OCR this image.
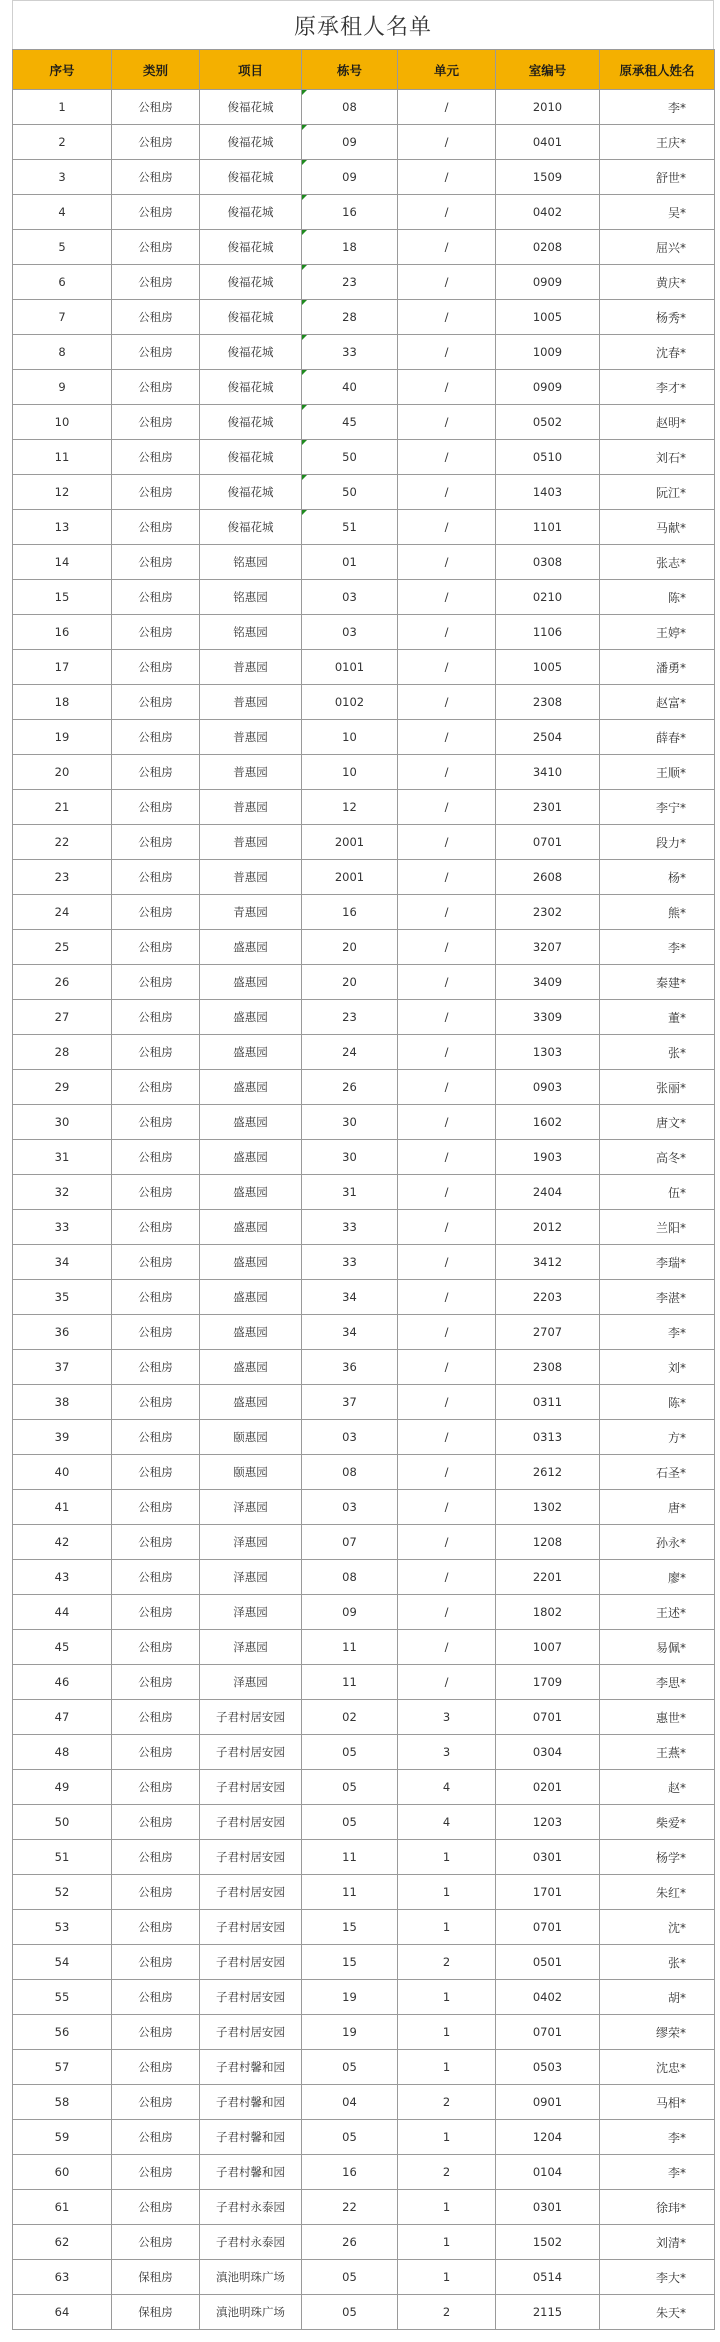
原承租人名单
序号	类别	项目	栋号	单元	室编号	原承租人姓名
1	公租房	俊福花城	08	/	2010	李*
2	公租房	俊福花城	09	/	0401	王庆*
3	公租房	俊福花城	09	/	1509	舒世*
4	公租房	俊福花城	16	/	0402	吴*
5	公租房	俊福花城	18	/	0208	屈兴*
6	公租房	俊福花城	23	/	0909	黄庆*
7	公租房	俊福花城	28	/	1005	杨秀*
8	公租房	俊福花城	33	/	1009	沈春*
9	公租房	俊福花城	40	/	0909	李才*
10	公租房	俊福花城	45	/	0502	赵明*
11	公租房	俊福花城	50	/	0510	刘石*
12	公租房	俊福花城	50	/	1403	阮江*
13	公租房	俊福花城	51	/	1101	马献*
14	公租房	铭惠园	01	/	0308	张志*
15	公租房	铭惠园	03	/	0210	陈*
16	公租房	铭惠园	03	/	1106	王婷*
17	公租房	普惠园	0101	/	1005	潘勇*
18	公租房	普惠园	0102	/	2308	赵富*
19	公租房	普惠园	10	/	2504	薛春*
20	公租房	普惠园	10	/	3410	王顺*
21	公租房	普惠园	12	/	2301	李宁*
22	公租房	普惠园	2001	/	0701	段力*
23	公租房	普惠园	2001	/	2608	杨*
24	公租房	青惠园	16	/	2302	熊*
25	公租房	盛惠园	20	/	3207	李*
26	公租房	盛惠园	20	/	3409	秦建*
27	公租房	盛惠园	23	/	3309	董*
28	公租房	盛惠园	24	/	1303	张*
29	公租房	盛惠园	26	/	0903	张丽*
30	公租房	盛惠园	30	/	1602	唐文*
31	公租房	盛惠园	30	/	1903	高冬*
32	公租房	盛惠园	31	/	2404	伍*
33	公租房	盛惠园	33	/	2012	兰阳*
34	公租房	盛惠园	33	/	3412	李瑞*
35	公租房	盛惠园	34	/	2203	李湛*
36	公租房	盛惠园	34	/	2707	李*
37	公租房	盛惠园	36	/	2308	刘*
38	公租房	盛惠园	37	/	0311	陈*
39	公租房	颐惠园	03	/	0313	方*
40	公租房	颐惠园	08	/	2612	石圣*
41	公租房	泽惠园	03	/	1302	唐*
42	公租房	泽惠园	07	/	1208	孙永*
43	公租房	泽惠园	08	/	2201	廖*
44	公租房	泽惠园	09	/	1802	王述*
45	公租房	泽惠园	11	/	1007	易佩*
46	公租房	泽惠园	11	/	1709	李思*
47	公租房	子君村居安园	02	3	0701	惠世*
48	公租房	子君村居安园	05	3	0304	王燕*
49	公租房	子君村居安园	05	4	0201	赵*
50	公租房	子君村居安园	05	4	1203	柴爱*
51	公租房	子君村居安园	11	1	0301	杨学*
52	公租房	子君村居安园	11	1	1701	朱红*
53	公租房	子君村居安园	15	1	0701	沈*
54	公租房	子君村居安园	15	2	0501	张*
55	公租房	子君村居安园	19	1	0402	胡*
56	公租房	子君村居安园	19	1	0701	缪荣*
57	公租房	子君村馨和园	05	1	0503	沈忠*
58	公租房	子君村馨和园	04	2	0901	马相*
59	公租房	子君村馨和园	05	1	1204	李*
60	公租房	子君村馨和园	16	2	0104	李*
61	公租房	子君村永泰园	22	1	0301	徐玮*
62	公租房	子君村永泰园	26	1	1502	刘清*
63	保租房	滇池明珠广场	05	1	0514	李大*
64	保租房	滇池明珠广场	05	2	2115	朱天*
